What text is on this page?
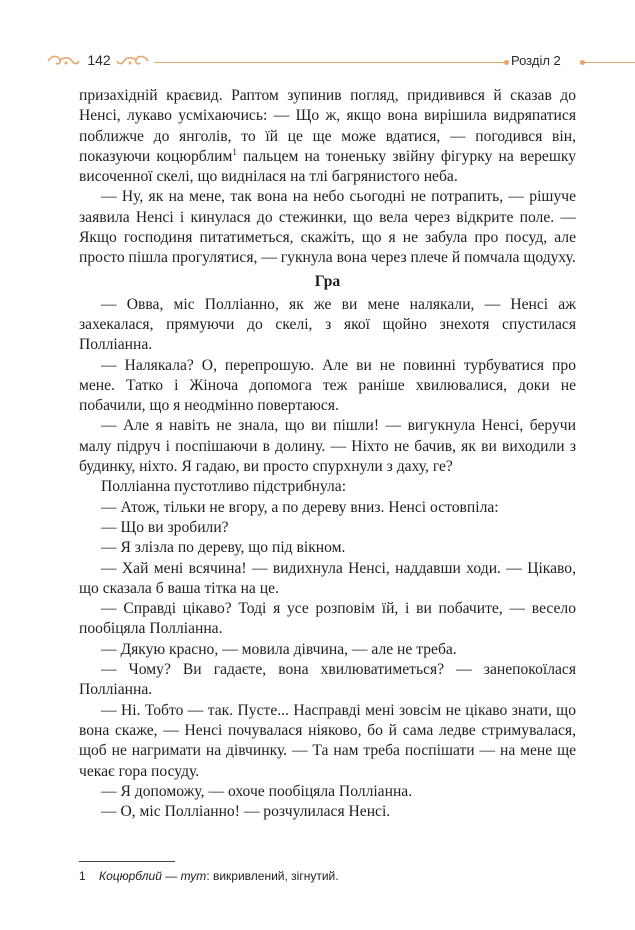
142	Розділ 2

призахідній краєвид. Раптом зупинив погляд, придивився й сказав до Ненсі, лукаво усміхаючись: — Що ж, якщо вона вирішила видряпатися поближче до янголів, то їй це ще може вдатися, — погодився він, показуючи коцюрблим$^1$ пальцем на тоненьку звійну фігурку на верешку височенної скелі, що виднілася на тлі багрянистого неба.

— Ну, як на мене, так вона на небо сьогодні не потрапить, — рішуче заявила Ненсі і кинулася до стежинки, що вела через відкрите поле. — Якщо господиня питатиметься, скажіть, що я не забула про посуд, але просто пішла прогулятися, — гукнула вона через плече й помчала щодуху.

Гра

— Овва, міс Полліанно, як же ви мене налякали, — Ненсі аж захекалася, прямуючи до скелі, з якої щойно знехотя спустилася Полліанна.

— Налякала? О, перепрошую. Але ви не повинні турбуватися про мене. Татко і Жіноча допомога теж раніше хвилювалися, доки не побачили, що я неодмінно повертаюся.

— Але я навіть не знала, що ви пішли! — вигукнула Ненсі, беручи малу підруч і поспішаючи в долину. — Ніхто не бачив, як ви виходили з будинку, ніхто. Я гадаю, ви просто спурхнули з даху, ге?

Полліанна пустотливо підстрибнула:

— Атож, тільки не вгору, а по дереву вниз. Ненсі остовпіла:

— Що ви зробили?

— Я злізла по дереву, що під вікном.

— Хай мені всячина! — видихнула Ненсі, наддавши ходи. — Цікаво, що сказала б ваша тітка на це.

— Справді цікаво? Тоді я усе розповім їй, і ви побачите, — весело пообіцяла Полліанна.

— Дякую красно, — мовила дівчина, — але не треба.

— Чому? Ви гадаєте, вона хвилюватиметься? — занепокоїлася Полліанна.

— Ні. Тобто — так. Пусте... Насправді мені зовсім не цікаво знати, що вона скаже, — Ненсі почувалася ніяково, бо й сама ледве стримувалася, щоб не нагримати на дівчинку. — Та нам треба поспішати — на мене ще чекає гора посуду.

— Я допоможу, — охоче пообіцяла Полліанна.

— О, міс Полліанно! — розчулилася Ненсі.

1 Коцюрблий — тут: викривлений, зігнутий.
